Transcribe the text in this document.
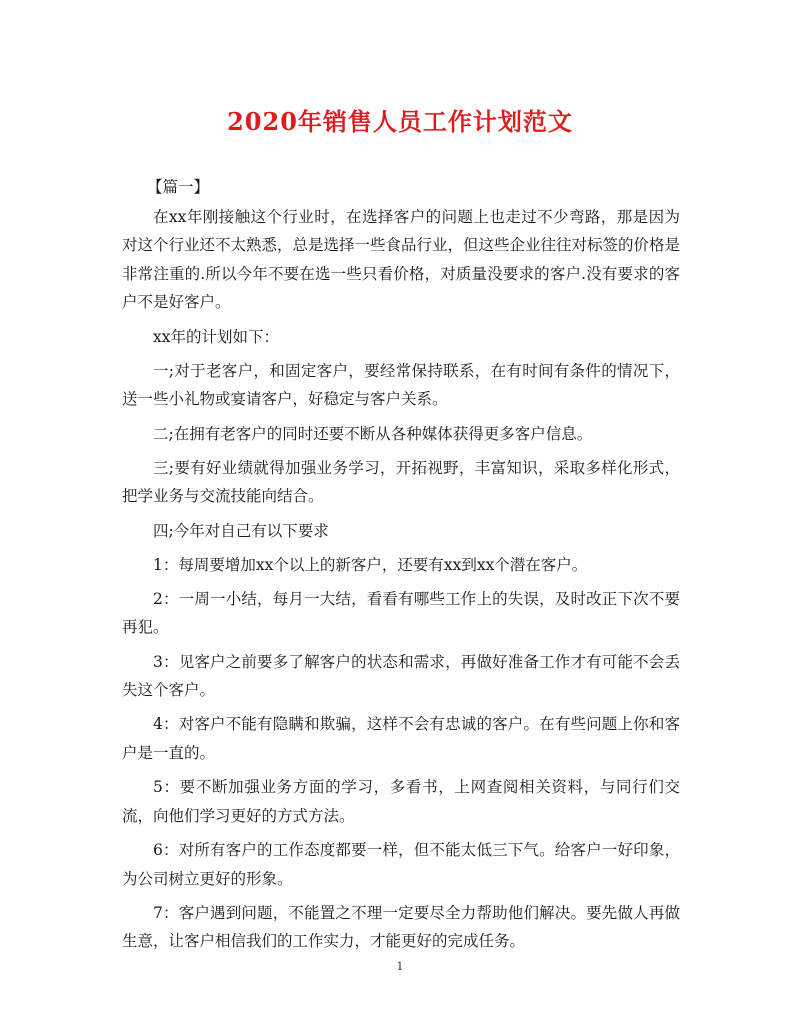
2020年销售人员工作计划范文

【篇一】

在xx年刚接触这个行业时，在选择客户的问题上也走过不少弯路，那是因为对这个行业还不太熟悉，总是选择一些食品行业，但这些企业往往对标签的价格是非常注重的.所以今年不要在选一些只看价格，对质量没要求的客户.没有要求的客户不是好客户。

xx年的计划如下：

一;对于老客户，和固定客户，要经常保持联系，在有时间有条件的情况下，送一些小礼物或宴请客户，好稳定与客户关系。

二;在拥有老客户的同时还要不断从各种媒体获得更多客户信息。

三;要有好业绩就得加强业务学习，开拓视野，丰富知识，采取多样化形式，把学业务与交流技能向结合。

四;今年对自己有以下要求

1：每周要增加xx个以上的新客户，还要有xx到xx个潜在客户。

2：一周一小结，每月一大结，看看有哪些工作上的失误，及时改正下次不要再犯。

3：见客户之前要多了解客户的状态和需求，再做好准备工作才有可能不会丢失这个客户。

4：对客户不能有隐瞒和欺骗，这样不会有忠诚的客户。在有些问题上你和客户是一直的。

5：要不断加强业务方面的学习，多看书，上网查阅相关资料，与同行们交流，向他们学习更好的方式方法。

6：对所有客户的工作态度都要一样，但不能太低三下气。给客户一好印象，为公司树立更好的形象。

7：客户遇到问题，不能置之不理一定要尽全力帮助他们解决。要先做人再做生意，让客户相信我们的工作实力，才能更好的完成任务。

1
